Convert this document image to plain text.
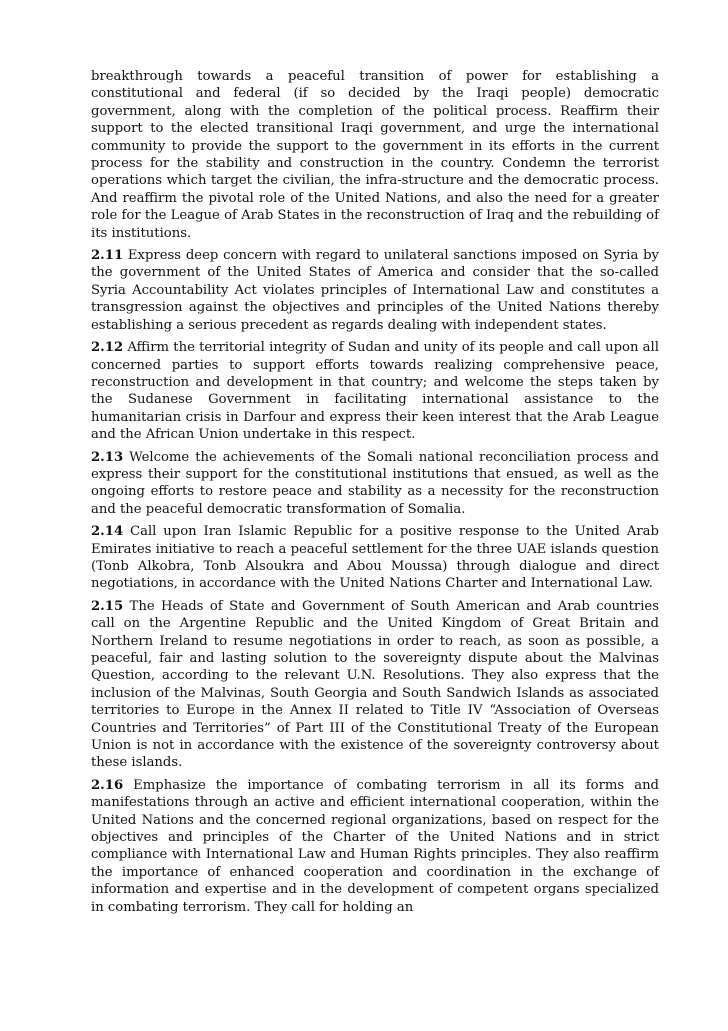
breakthrough towards a peaceful transition of power for establishing a constitutional and federal (if so decided by the Iraqi people) democratic government, along with the completion of the political process. Reaffirm their support to the elected transitional Iraqi government, and urge the international community to provide the support to the government in its efforts in the current process for the stability and construction in the country. Condemn the terrorist operations which target the civilian, the infra-structure and the democratic process. And reaffirm the pivotal role of the United Nations, and also the need for a greater role for the League of Arab States in the reconstruction of Iraq and the rebuilding of its institutions.

2.11 Express deep concern with regard to unilateral sanctions imposed on Syria by the government of the United States of America and consider that the so-called Syria Accountability Act violates principles of International Law and constitutes a transgression against the objectives and principles of the United Nations thereby establishing a serious precedent as regards dealing with independent states.

2.12 Affirm the territorial integrity of Sudan and unity of its people and call upon all concerned parties to support efforts towards realizing comprehensive peace, reconstruction and development in that country; and welcome the steps taken by the Sudanese Government in facilitating international assistance to the humanitarian crisis in Darfour and express their keen interest that the Arab League and the African Union undertake in this respect.

2.13 Welcome the achievements of the Somali national reconciliation process and express their support for the constitutional institutions that ensued, as well as the ongoing efforts to restore peace and stability as a necessity for the reconstruction and the peaceful democratic transformation of Somalia.

2.14 Call upon Iran Islamic Republic for a positive response to the United Arab Emirates initiative to reach a peaceful settlement for the three UAE islands question (Tonb Alkobra, Tonb Alsoukra and Abou Moussa) through dialogue and direct negotiations, in accordance with the United Nations Charter and International Law.

2.15 The Heads of State and Government of South American and Arab countries call on the Argentine Republic and the United Kingdom of Great Britain and Northern Ireland to resume negotiations in order to reach, as soon as possible, a peaceful, fair and lasting solution to the sovereignty dispute about the Malvinas Question, according to the relevant U.N. Resolutions. They also express that the inclusion of the Malvinas, South Georgia and South Sandwich Islands as associated territories to Europe in the Annex II related to Title IV “Association of Overseas Countries and Territories” of Part III of the Constitutional Treaty of the European Union is not in accordance with the existence of the sovereignty controversy about these islands.

2.16 Emphasize the importance of combating terrorism in all its forms and manifestations through an active and efficient international cooperation, within the United Nations and the concerned regional organizations, based on respect for the objectives and principles of the Charter of the United Nations and in strict compliance with International Law and Human Rights principles. They also reaffirm the importance of enhanced cooperation and coordination in the exchange of information and expertise and in the development of competent organs specialized in combating terrorism. They call for holding an
